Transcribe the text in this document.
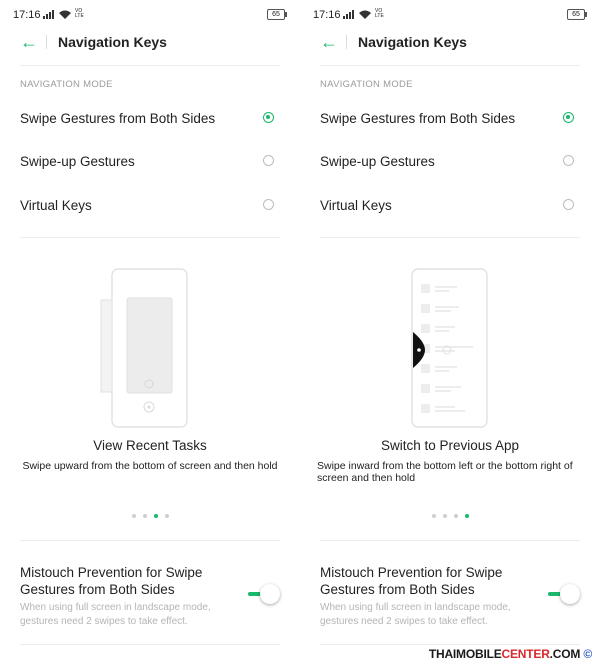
17:16	VO LTE	65
← Navigation Keys
NAVIGATION MODE
Swipe Gestures from Both Sides
Swipe-up Gestures
Virtual Keys
View Recent Tasks
Swipe upward from the bottom of screen and then hold
Mistouch Prevention for Swipe Gestures from Both Sides
When using full screen in landscape mode, gestures need 2 swipes to take effect.
17:16	VO LTE	65
← Navigation Keys
NAVIGATION MODE
Swipe Gestures from Both Sides
Swipe-up Gestures
Virtual Keys
Switch to Previous App
Swipe inward from the bottom left or the bottom right of screen and then hold
Mistouch Prevention for Swipe Gestures from Both Sides
When using full screen in landscape mode, gestures need 2 swipes to take effect.
THAIMOBILECENTER.COM ©
